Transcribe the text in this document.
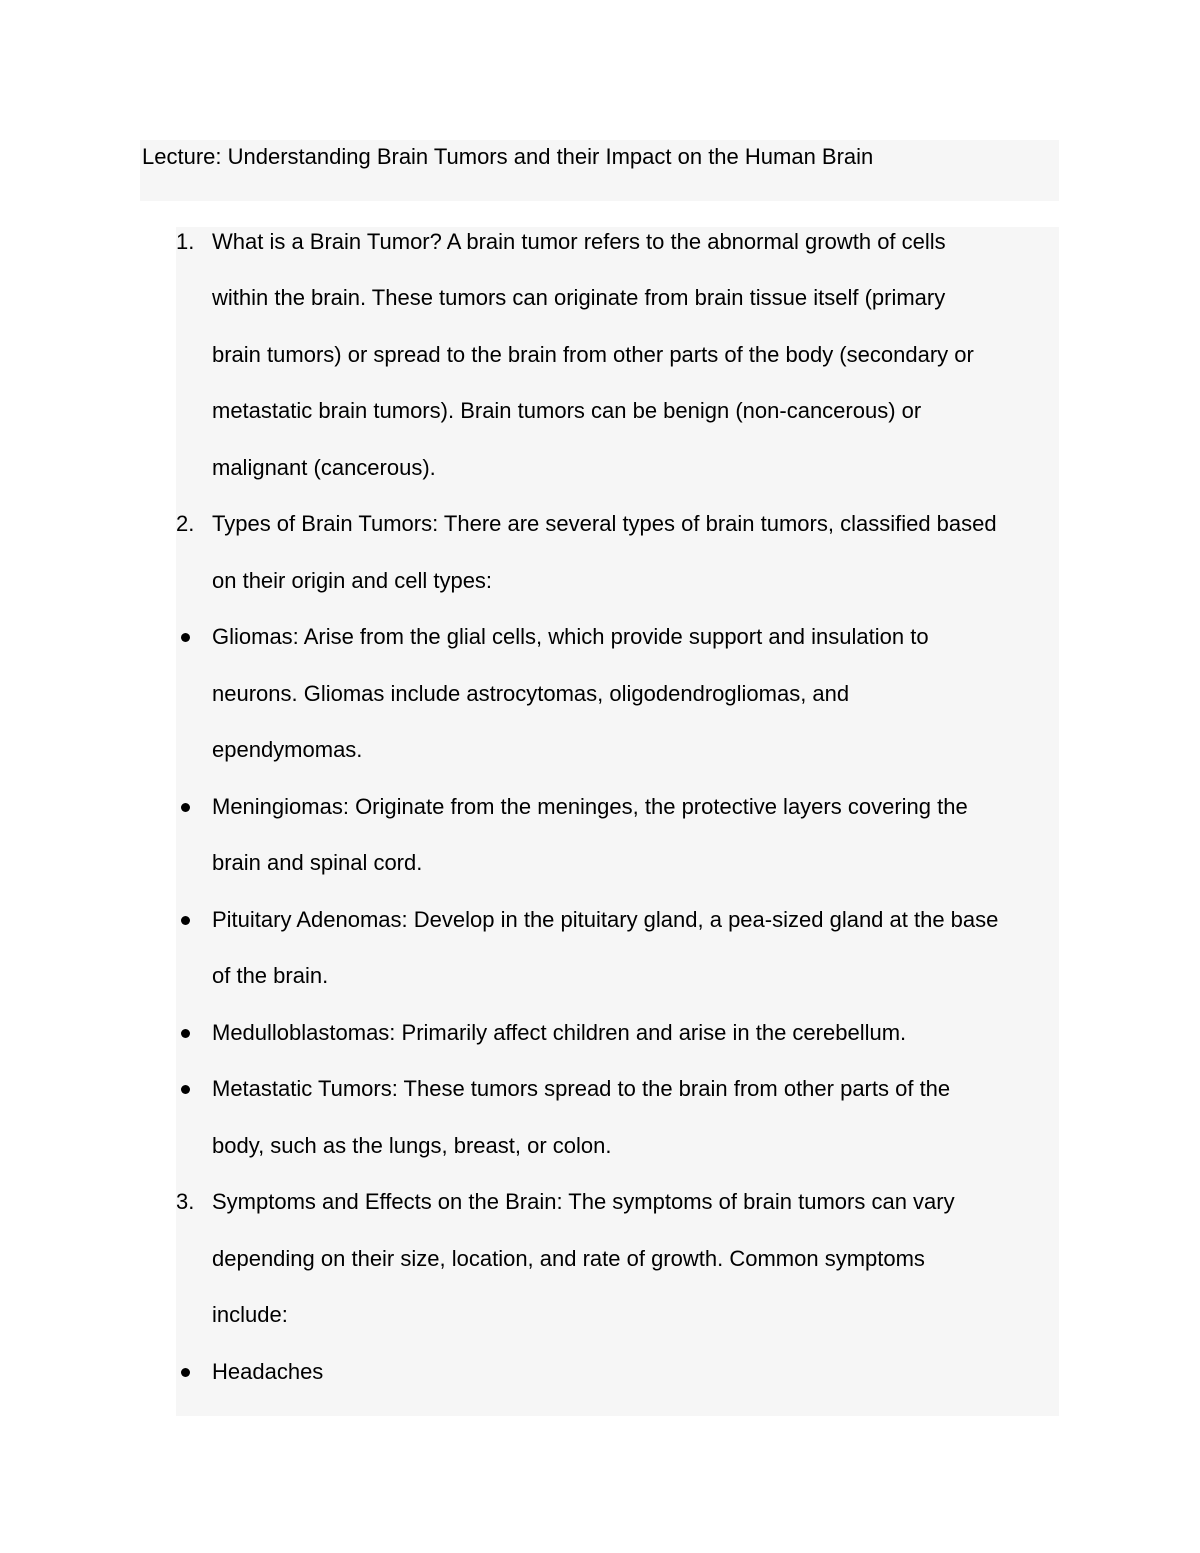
Lecture: Understanding Brain Tumors and their Impact on the Human Brain
1. What is a Brain Tumor? A brain tumor refers to the abnormal growth of cells
within the brain. These tumors can originate from brain tissue itself (primary
brain tumors) or spread to the brain from other parts of the body (secondary or
metastatic brain tumors). Brain tumors can be benign (non-cancerous) or
malignant (cancerous).
2. Types of Brain Tumors: There are several types of brain tumors, classified based
on their origin and cell types:
Gliomas: Arise from the glial cells, which provide support and insulation to
neurons. Gliomas include astrocytomas, oligodendrogliomas, and
ependymomas.
Meningiomas: Originate from the meninges, the protective layers covering the
brain and spinal cord.
Pituitary Adenomas: Develop in the pituitary gland, a pea-sized gland at the base
of the brain.
Medulloblastomas: Primarily affect children and arise in the cerebellum.
Metastatic Tumors: These tumors spread to the brain from other parts of the
body, such as the lungs, breast, or colon.
3. Symptoms and Effects on the Brain: The symptoms of brain tumors can vary
depending on their size, location, and rate of growth. Common symptoms
include:
Headaches
